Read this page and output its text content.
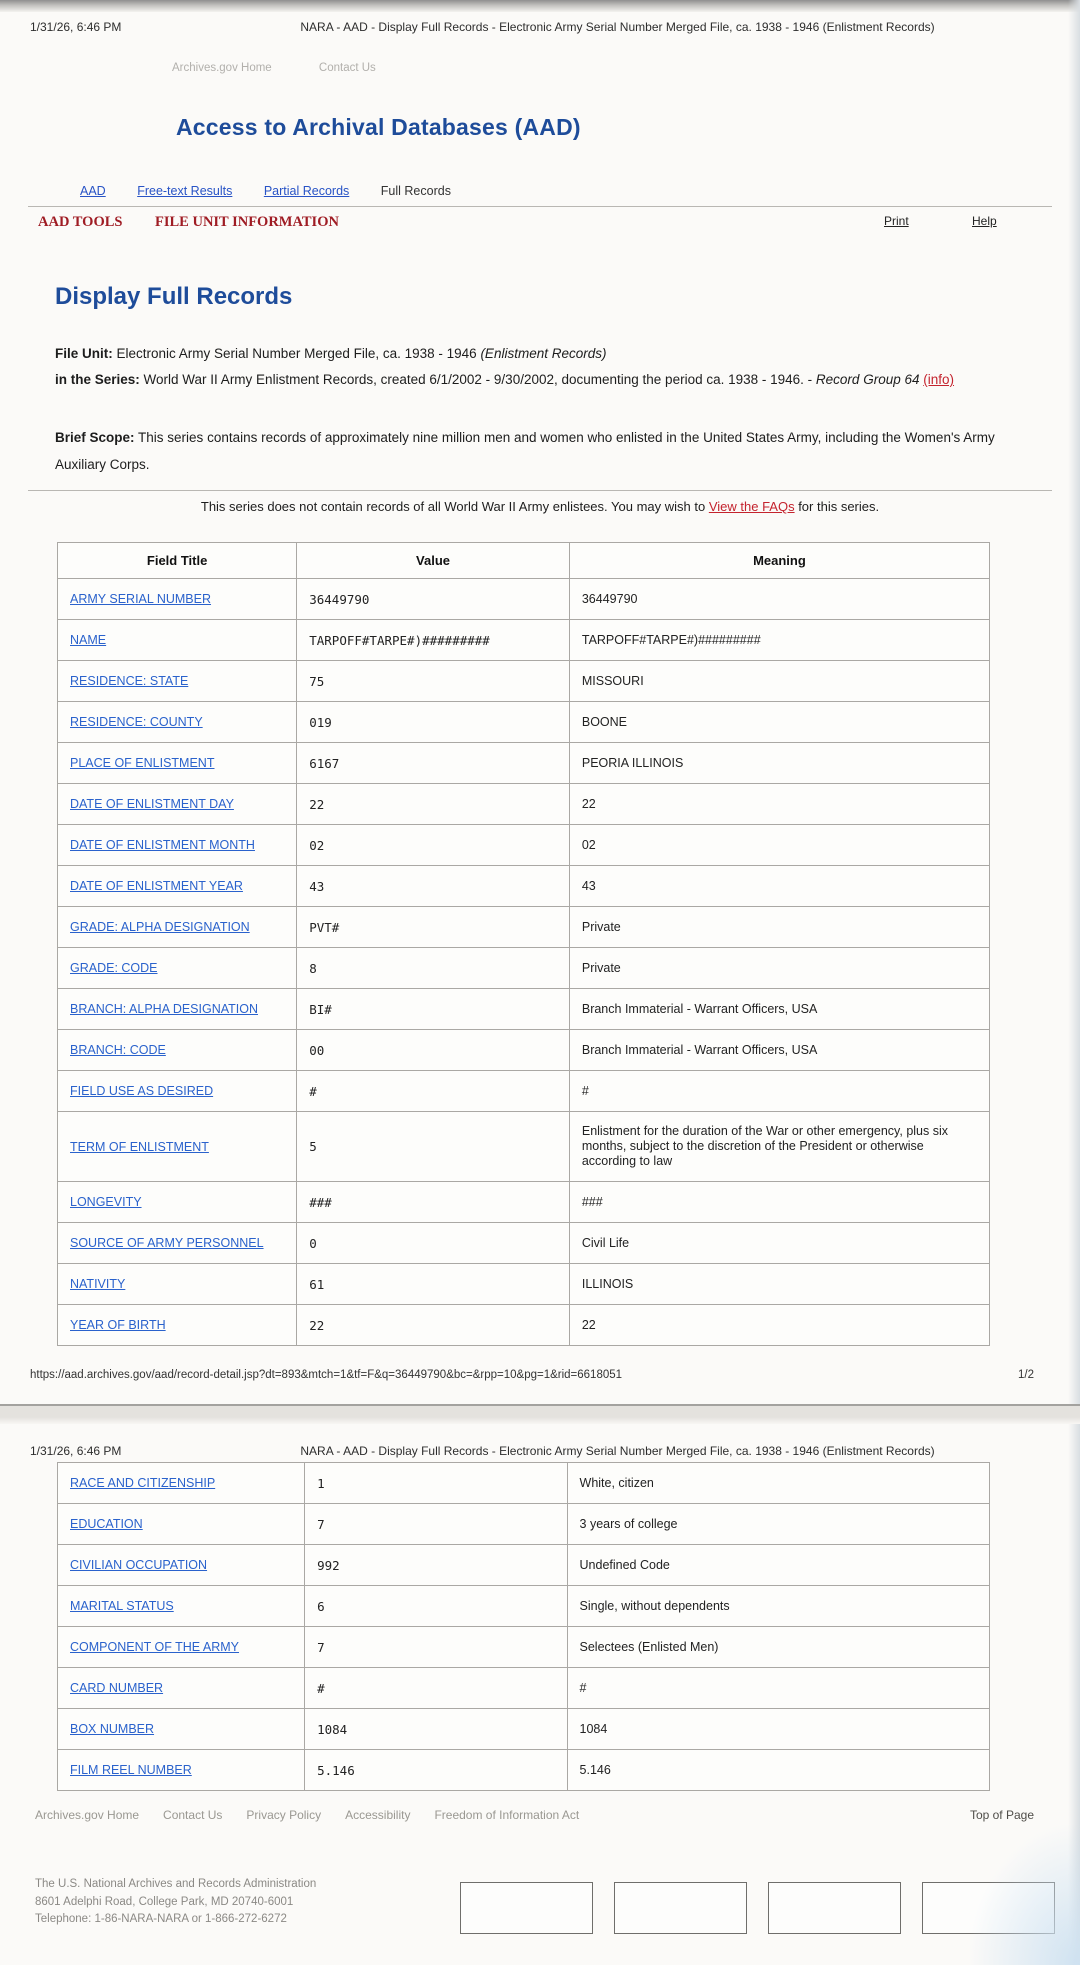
1/31/26, 6:46 PM	NARA - AAD - Display Full Records - Electronic Army Serial Number Merged File, ca. 1938 - 1946 (Enlistment Records)
Archives.gov Home	Contact Us
Access to Archival Databases (AAD)
AAD	Free-text Results	Partial Records	Full Records
AAD TOOLS FILE UNIT INFORMATION	Print	Help
Display Full Records
File Unit: Electronic Army Serial Number Merged File, ca. 1938 - 1946 (Enlistment Records)
in the Series: World War II Army Enlistment Records, created 6/1/2002 - 9/30/2002, documenting the period ca. 1938 - 1946. - Record Group 64 (info)
Brief Scope: This series contains records of approximately nine million men and women who enlisted in the United States Army, including the Women's Army Auxiliary Corps.
This series does not contain records of all World War II Army enlistees. You may wish to View the FAQs for this series.
Field Title	Value	Meaning
ARMY SERIAL NUMBER	36449790	36449790
NAME	TARPOFF#TARPE#)#########	TARPOFF#TARPE#)#########
RESIDENCE: STATE	75	MISSOURI
RESIDENCE: COUNTY	019	BOONE
PLACE OF ENLISTMENT	6167	PEORIA ILLINOIS
DATE OF ENLISTMENT DAY	22	22
DATE OF ENLISTMENT MONTH	02	02
DATE OF ENLISTMENT YEAR	43	43
GRADE: ALPHA DESIGNATION	PVT#	Private
GRADE: CODE	8	Private
BRANCH: ALPHA DESIGNATION	BI#	Branch Immaterial - Warrant Officers, USA
BRANCH: CODE	00	Branch Immaterial - Warrant Officers, USA
FIELD USE AS DESIRED	#	#
TERM OF ENLISTMENT	5	Enlistment for the duration of the War or other emergency, plus six months, subject to the discretion of the President or otherwise according to law
LONGEVITY	###	###
SOURCE OF ARMY PERSONNEL	0	Civil Life
NATIVITY	61	ILLINOIS
YEAR OF BIRTH	22	22
https://aad.archives.gov/aad/record-detail.jsp?dt=893&mtch=1&tf=F&q=36449790&bc=&rpp=10&pg=1&rid=6618051	1/2
1/31/26, 6:46 PM	NARA - AAD - Display Full Records - Electronic Army Serial Number Merged File, ca. 1938 - 1946 (Enlistment Records)
RACE AND CITIZENSHIP	1	White, citizen
EDUCATION	7	3 years of college
CIVILIAN OCCUPATION	992	Undefined Code
MARITAL STATUS	6	Single, without dependents
COMPONENT OF THE ARMY	7	Selectees (Enlisted Men)
CARD NUMBER	#	#
BOX NUMBER	1084	1084
FILM REEL NUMBER	5.146	5.146
Archives.gov Home Contact Us Privacy Policy Accessibility Freedom of Information Act	Top of Page
The U.S. National Archives and Records Administration
8601 Adelphi Road, College Park, MD 20740-6001
Telephone: 1-86-NARA-NARA or 1-866-272-6272
